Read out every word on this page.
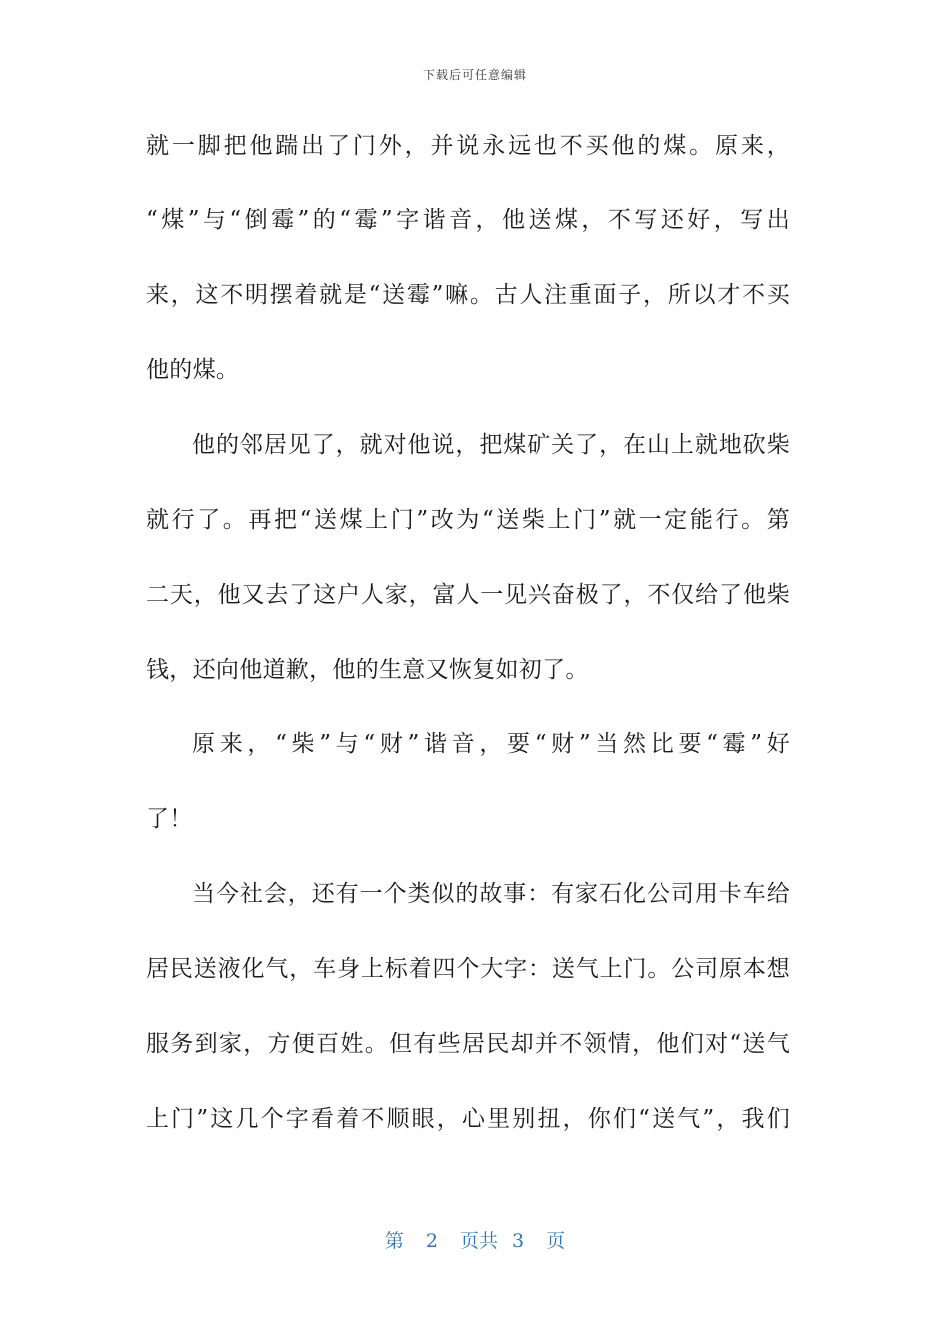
下载后可任意编辑
就一脚把他踹出了门外，并说永远也不买他的煤。原来，
“煤”与“倒霉”的“霉”字谐音，他送煤，不写还好，写出
来，这不明摆着就是“送霉”嘛。古人注重面子，所以才不买
他的煤。
他的邻居见了，就对他说，把煤矿关了，在山上就地砍柴
就行了。再把“送煤上门”改为“送柴上门”就一定能行。第
二天，他又去了这户人家，富人一见兴奋极了，不仅给了他柴
钱，还向他道歉，他的生意又恢复如初了。
原来，“柴”与“财”谐音，要“财”当然比要“霉”好
了！
当今社会，还有一个类似的故事：有家石化公司用卡车给
居民送液化气，车身上标着四个大字：送气上门。公司原本想
服务到家，方便百姓。但有些居民却并不领情，他们对“送气
上门”这几个字看着不顺眼，心里别扭，你们“送气”，我们
第 2 页共 3 页
